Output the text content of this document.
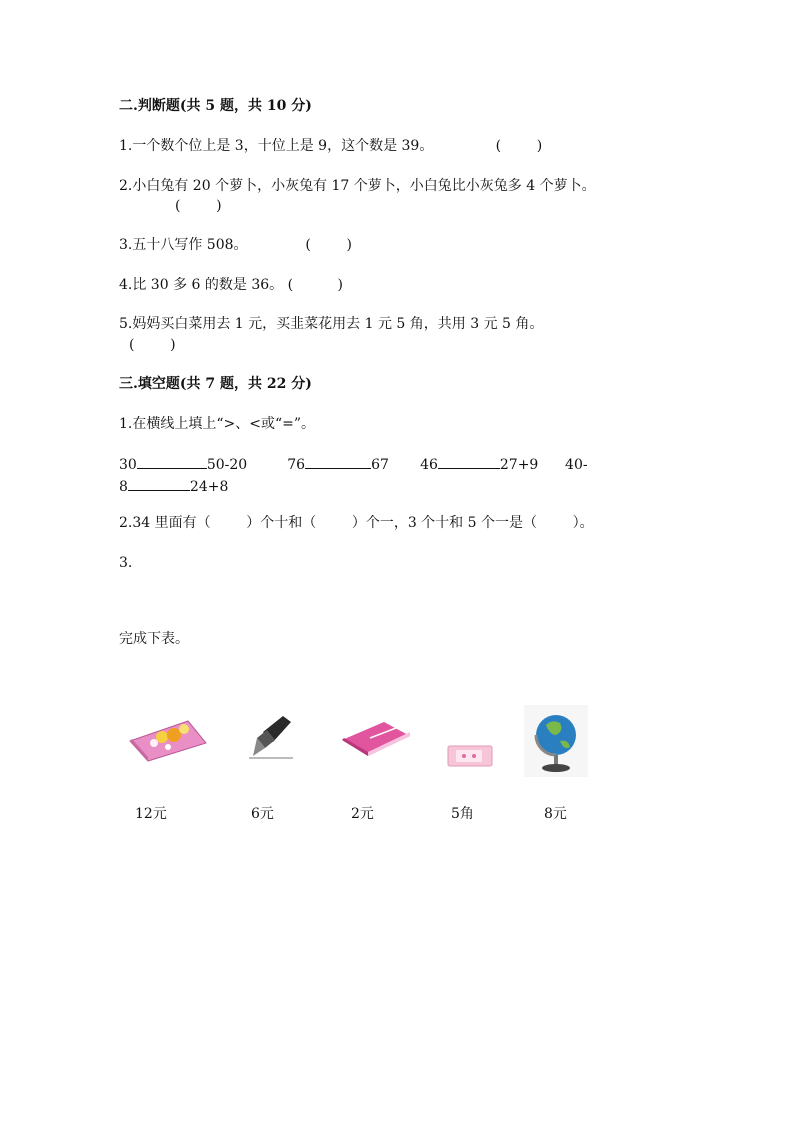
二.判断题(共 5 题，共 10 分)
1.一个数个位上是 3，十位上是 9，这个数是 39。              (        )
2.小白兔有 20 个萝卜，小灰兔有 17 个萝卜，小白兔比小灰兔多 4 个萝卜。
(        )
3.五十八写作 508。             (        )
4.比 30 多 6 的数是 36。 (          )
5.妈妈买白菜用去 1 元，买韭菜花用去 1 元 5 角，共用 3 元 5 角。
(        )
三.填空题(共 7 题，共 22 分)
1.在横线上填上“>、<或“=”。
30	50-20	76	67 46	27+9 40-
8	24+8
2.34 里面有（        ）个十和（        ）个一，3 个十和 5 个一是（        ）。
3.
完成下表。
12元	6元	2元	5角	8元
